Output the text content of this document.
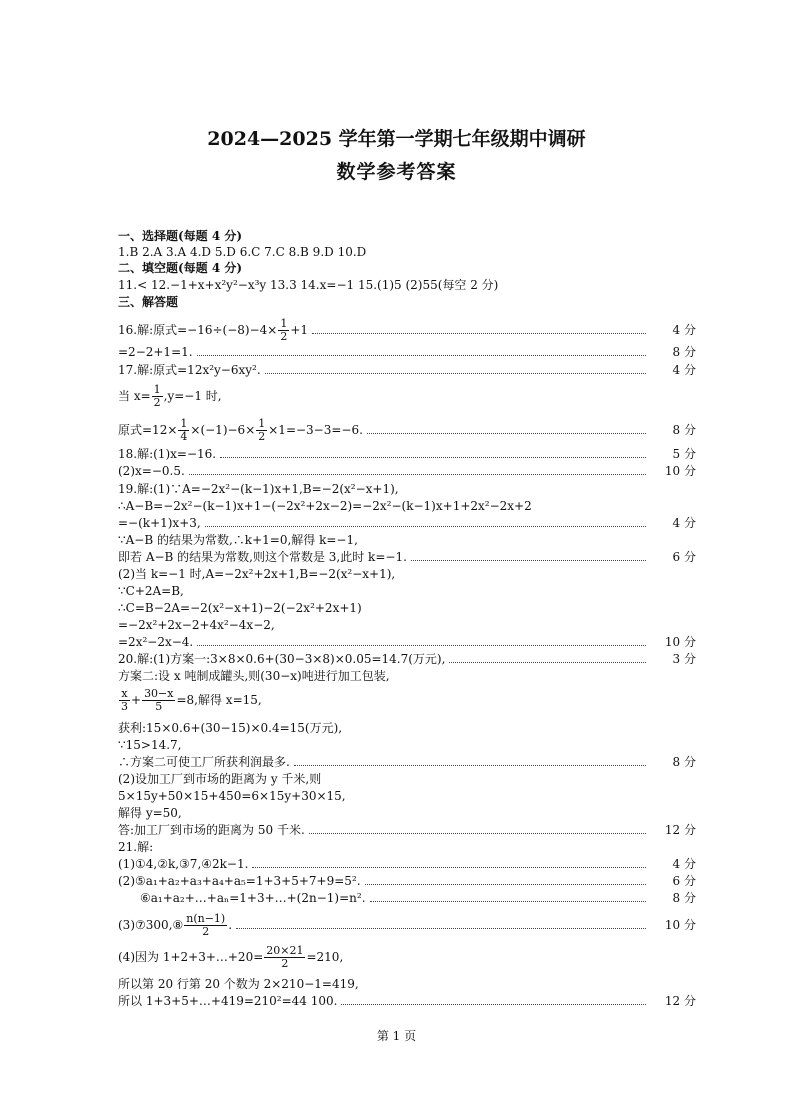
2024—2025 学年第一学期七年级期中调研
数学参考答案
一、选择题(每题 4 分)
1.B 2.A 3.A 4.D 5.D 6.C 7.C 8.B 9.D 10.D
二、填空题(每题 4 分)
11.< 12.−1+x+x²y²−x³y 13.3 14.x=−1 15.(1)5 (2)55(每空 2 分)
三、解答题
16.解:原式$=-16\div(-8)-4\times \frac{1}{2} +1$	4 分
=2−2+1=1.	8 分
17.解:原式=12x²y−6xy².	4 分
当 $x= \frac{1}{2} ,y=-1$ 时,
原式$=12\times \frac{1}{4} \times(-1)-6\times \frac{1}{2} \times 1=-3-3=-6$.	8 分
18.解:(1)x=−16.	5 分
(2)x=−0.5.	10 分
19.解:(1)∵A=−2x²−(k−1)x+1,B=−2(x²−x+1),
∴A−B=−2x²−(k−1)x+1−(−2x²+2x−2)=−2x²−(k−1)x+1+2x²−2x+2
=−(k+1)x+3,	4 分
∵A−B 的结果为常数,∴k+1=0,解得 k=−1,
即若 A−B 的结果为常数,则这个常数是 3,此时 k=−1.	6 分
(2)当 k=−1 时,A=−2x²+2x+1,B=−2(x²−x+1),
∵C+2A=B,
∴C=B−2A=−2(x²−x+1)−2(−2x²+2x+1)
=−2x²+2x−2+4x²−4x−2,
=2x²−2x−4.	10 分
20.解:(1)方案一:3×8×0.6+(30−3×8)×0.05=14.7(万元),	3 分
方案二:设 x 吨制成罐头,则(30−x)吨进行加工包装,
$\frac{x}{3} + \frac{30-x}{5} =8$,解得 x=15,
获利:15×0.6+(30−15)×0.4=15(万元),
∵15>14.7,
∴方案二可使工厂所获利润最多.	8 分
(2)设加工厂到市场的距离为 y 千米,则
5×15y+50×15+450=6×15y+30×15,
解得 y=50,
答:加工厂到市场的距离为 50 千米.	12 分
21.解:
(1)①4,②k,③7,④2k−1.	4 分
(2)⑤a₁+a₂+a₃+a₄+a₅=1+3+5+7+9=5².	6 分
⑥a₁+a₂+…+aₙ=1+3+…+(2n−1)=n².	8 分
(3)⑦300,⑧ $\frac{n(n-1)}{2}$ .	10 分
(4)因为 1+2+3+…+20= $\frac{20\times 21}{2} =210$,
所以第 20 行第 20 个数为 2×210−1=419,
所以 1+3+5+…+419=210²=44 100.	12 分
第 1 页
